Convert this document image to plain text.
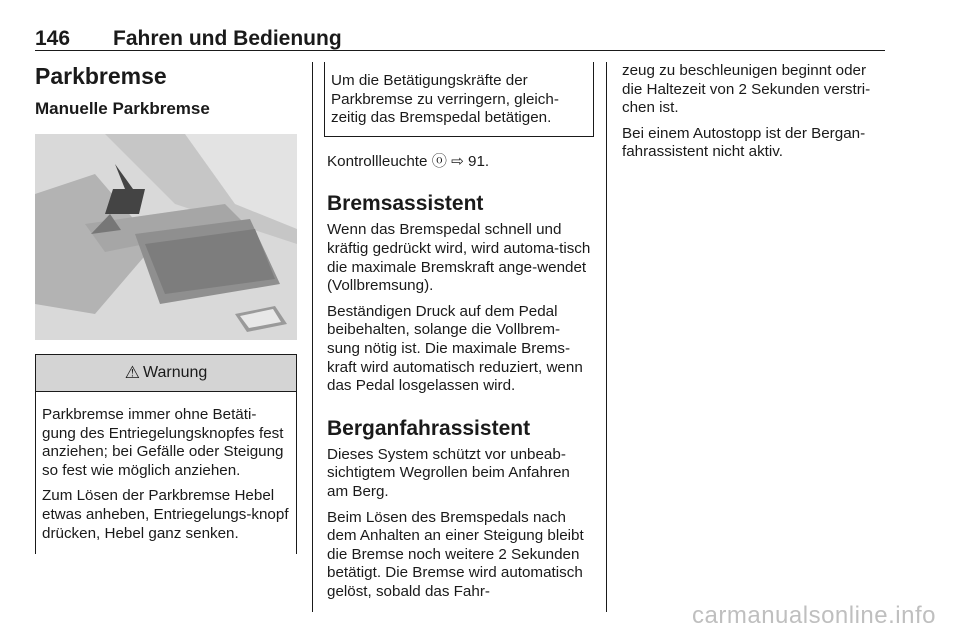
146 Fahren und Bedienung
Parkbremse
Manuelle Parkbremse
⚠ Warnung

Parkbremse immer ohne Betäti-gung des Entriegelungsknopfes fest anziehen; bei Gefälle oder Steigung so fest wie möglich anziehen.

Zum Lösen der Parkbremse Hebel etwas anheben, Entriegelungs-knopf drücken, Hebel ganz senken.

Um die Betätigungskräfte der Parkbremse zu verringern, gleich-zeitig das Bremspedal betätigen.

Kontrollleuchte ⓞ ⇨ 91.

Bremsassistent

Wenn das Bremspedal schnell und kräftig gedrückt wird, wird automa-tisch die maximale Bremskraft ange-wendet (Vollbremsung).

Beständigen Druck auf dem Pedal beibehalten, solange die Vollbrem-sung nötig ist. Die maximale Brems-kraft wird automatisch reduziert, wenn das Pedal losgelassen wird.

Berganfahrassistent

Dieses System schützt vor unbeab-sichtigtem Wegrollen beim Anfahren am Berg.

Beim Lösen des Bremspedals nach dem Anhalten an einer Steigung bleibt die Bremse noch weitere 2 Sekunden betätigt. Die Bremse wird automatisch gelöst, sobald das Fahr-

zeug zu beschleunigen beginnt oder die Haltezeit von 2 Sekunden verstri-chen ist.

Bei einem Autostopp ist der Bergan-fahrassistent nicht aktiv.

carmanualsonline.info
